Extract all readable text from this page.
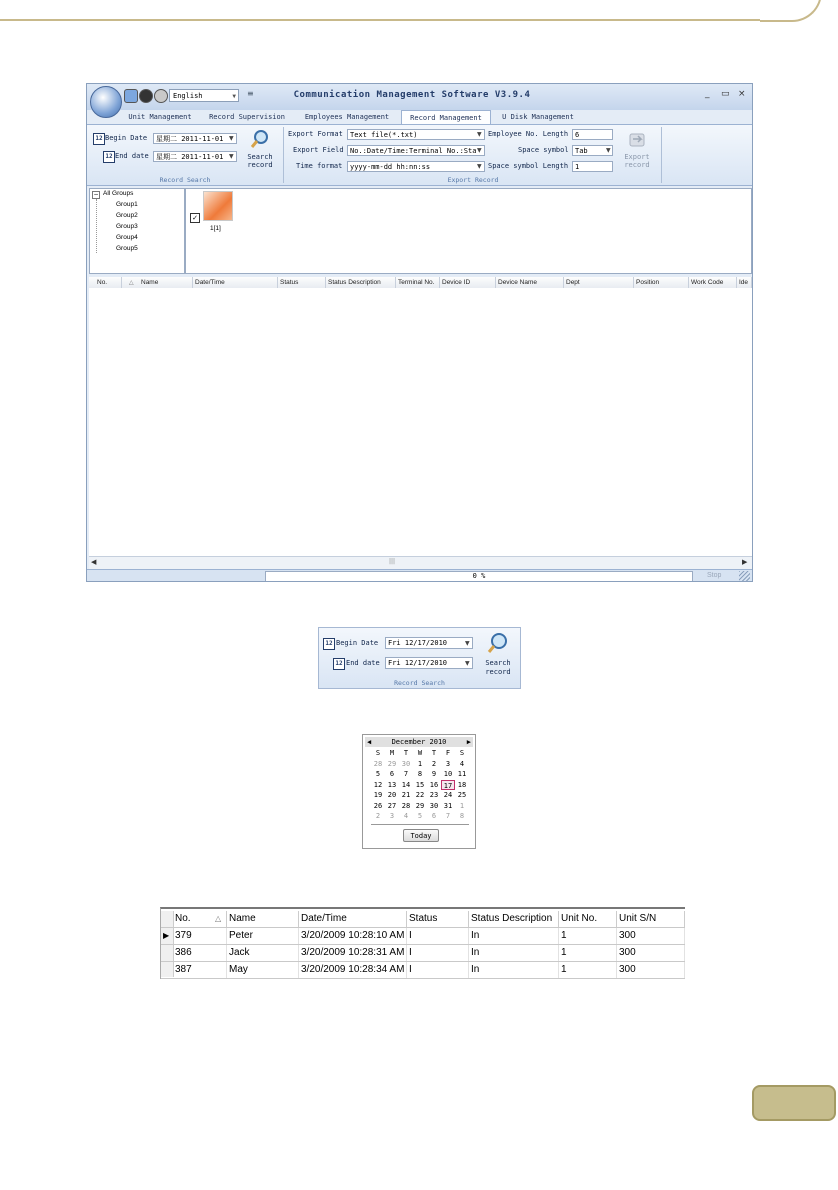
English	▼ ≡	Communication Management Software V3.9.4	_ ▭ ×
Unit Management	Record Supervision	Employees Management	Record Management	U Disk Management
12 Begin Date	星期二 2011-11-01 ▼
12 End date	星期二 2011-11-01 ▼	Search
record
Record Search
Export Format	Text file(*.txt)	▼
Export Field No.:Date/Time:Terminal No.:Sta ▼
Time format	yyyy-mm-dd hh:nn:ss	▼
Employee No. Length 6
Space symbol Tab	▼
Space symbol Length 1
Export
record
Export Record
− All Groups
Group1
Group2
Group3
Group4
Group5
✓
1[1]
No.	△	Name	Date/Time	Status	Status Description	Terminal No.	Device ID	Device Name	Dept	Position	Work Code	Ide
◀	|||	▶
0 %	Stop
12 Begin Date	Fri 12/17/2010	▼
12 End date	Fri 12/17/2010	▼	Search
record
Record Search
◀	December 2010	▶
S	M	T	W	T	F	S
28 29 30	1	2	3	4
5	6	7	8	9	10 11
12 13 14 15 16 17 18
19 20 21 22 23 24 25
26 27 28 29 30 31	1
2	3	4	5	6	7	8
Today
No.	△ Name	Date/Time	Status	Status Description Unit No.	Unit S/N
▶ 379	Peter	3/20/2009 10:28:10 AM I	In	1	300
386	Jack	3/20/2009 10:28:31 AM I	In	1	300
387	May	3/20/2009 10:28:34 AM I	In	1	300
